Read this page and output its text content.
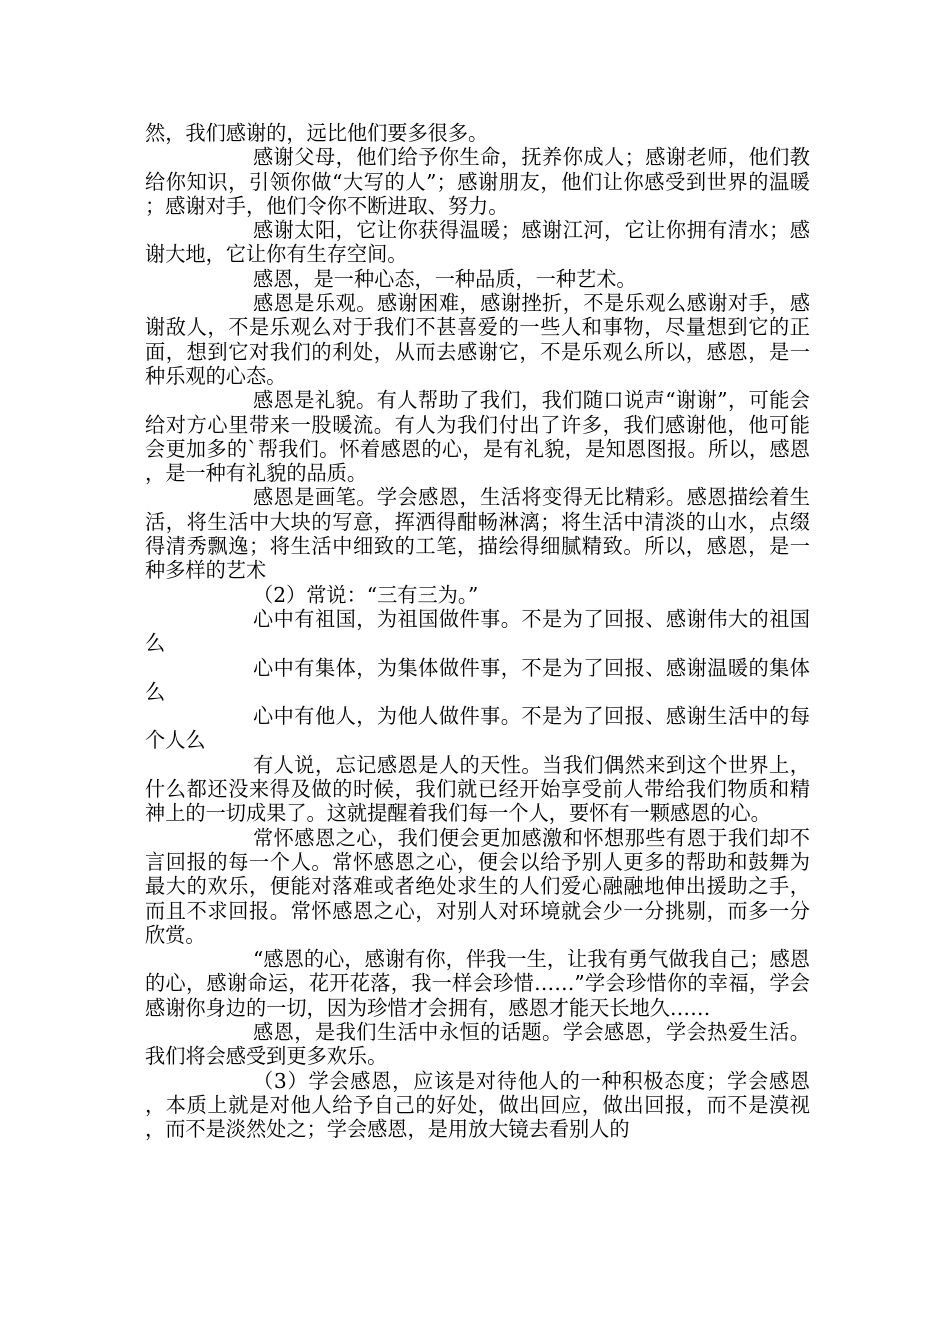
然，我们感谢的，远比他们要多很多。

感谢父母，他们给予你生命，抚养你成人；感谢老师，他们教给你知识，引领你做“大写的人”；感谢朋友，他们让你感受到世界的温暖；感谢对手，他们令你不断进取、努力。

感谢太阳，它让你获得温暖；感谢江河，它让你拥有清水；感谢大地，它让你有生存空间。

感恩，是一种心态，一种品质，一种艺术。

感恩是乐观。感谢困难，感谢挫折，不是乐观么感谢对手，感谢敌人，不是乐观么对于我们不甚喜爱的一些人和事物，尽量想到它的正面，想到它对我们的利处，从而去感谢它，不是乐观么所以，感恩，是一种乐观的心态。

感恩是礼貌。有人帮助了我们，我们随口说声“谢谢”，可能会给对方心里带来一股暖流。有人为我们付出了许多，我们感谢他，他可能会更加多的`帮我们。怀着感恩的心，是有礼貌，是知恩图报。所以，感恩，是一种有礼貌的品质。

感恩是画笔。学会感恩，生活将变得无比精彩。感恩描绘着生活，将生活中大块的写意，挥洒得酣畅淋漓；将生活中清淡的山水，点缀得清秀飘逸；将生活中细致的工笔，描绘得细腻精致。所以，感恩，是一种多样的艺术

（2）常说：“三有三为。”

心中有祖国，为祖国做件事。不是为了回报、感谢伟大的祖国么

心中有集体，为集体做件事，不是为了回报、感谢温暖的集体么

心中有他人，为他人做件事。不是为了回报、感谢生活中的每个人么

有人说，忘记感恩是人的天性。当我们偶然来到这个世界上，什么都还没来得及做的时候，我们就已经开始享受前人带给我们物质和精神上的一切成果了。这就提醒着我们每一个人，要怀有一颗感恩的心。

常怀感恩之心，我们便会更加感激和怀想那些有恩于我们却不言回报的每一个人。常怀感恩之心，便会以给予别人更多的帮助和鼓舞为最大的欢乐，便能对落难或者绝处求生的人们爱心融融地伸出援助之手，而且不求回报。常怀感恩之心，对别人对环境就会少一分挑剔，而多一分欣赏。

“感恩的心，感谢有你，伴我一生，让我有勇气做我自己；感恩的心，感谢命运，花开花落，我一样会珍惜……”学会珍惜你的幸福，学会感谢你身边的一切，因为珍惜才会拥有，感恩才能天长地久……

感恩，是我们生活中永恒的话题。学会感恩，学会热爱生活。我们将会感受到更多欢乐。

（3）学会感恩，应该是对待他人的一种积极态度；学会感恩，本质上就是对他人给予自己的好处，做出回应，做出回报，而不是漠视，而不是淡然处之；学会感恩，是用放大镜去看别人的
